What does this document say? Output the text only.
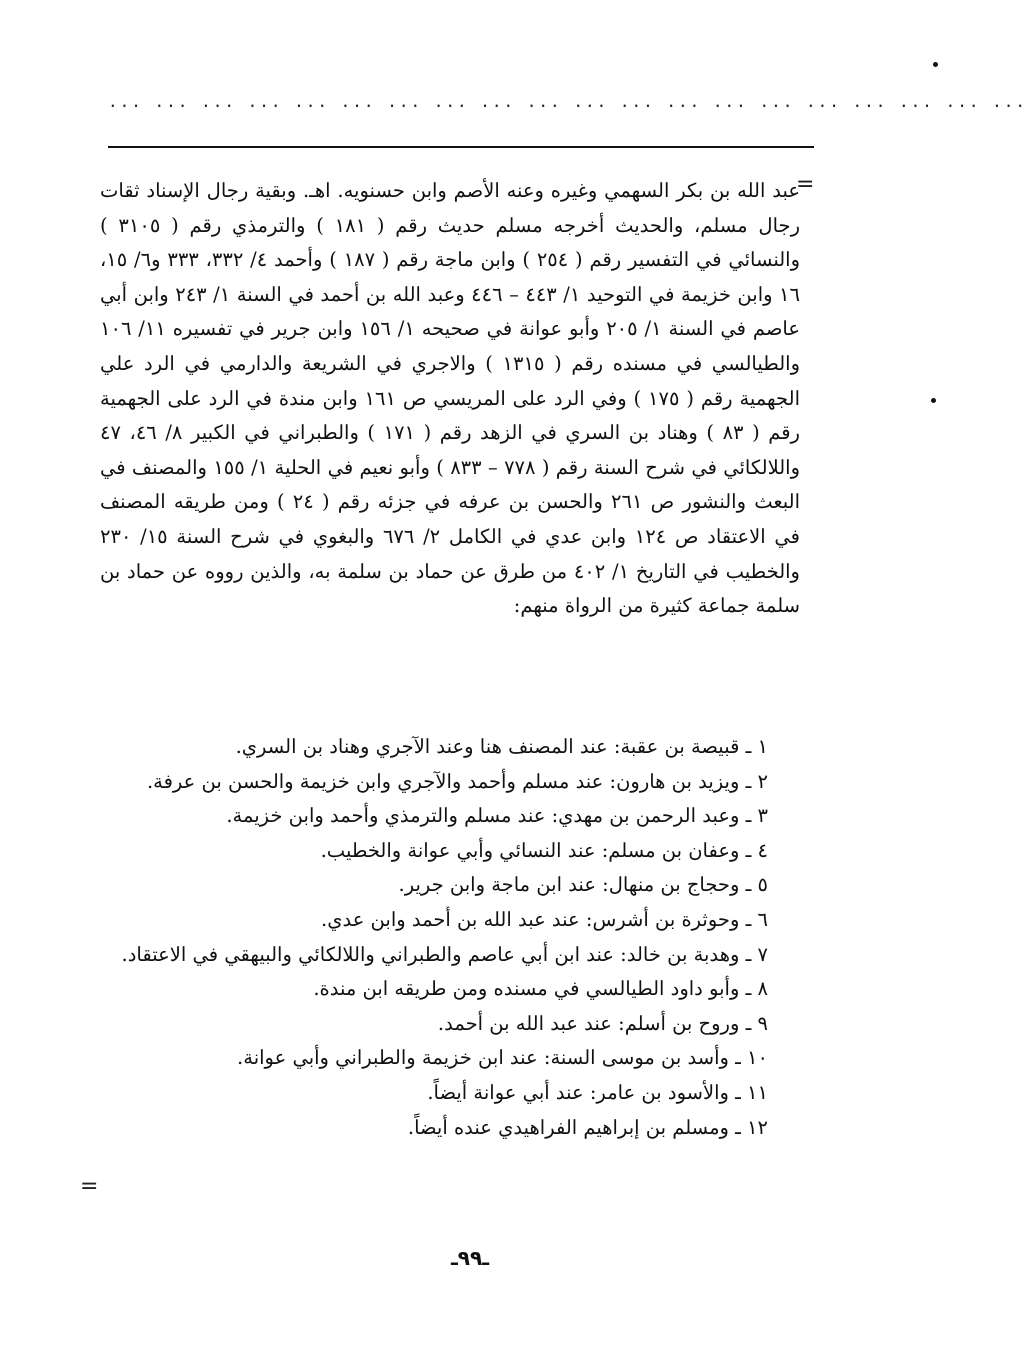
... ... ... ... ... ... ... ... ... ... ... ... ... ... ... ... ... ... ... ...
=

عبد الله بن بكر السهمي وغيره وعنه الأصم وابن حسنويه. اهـ. وبقية رجال الإسناد ثقات رجال مسلم، والحديث أخرجه مسلم حديث رقم ( ١٨١ ) والترمذي رقم ( ٣١٠٥ ) والنسائي في التفسير رقم ( ٢٥٤ ) وابن ماجة رقم ( ١٨٧ ) وأحمد ٤/ ٣٣٢، ٣٣٣ و٦/ ١٥، ١٦ وابن خزيمة في التوحيد ١/ ٤٤٣ – ٤٤٦ وعبد الله بن أحمد في السنة ١/ ٢٤٣ وابن أبي عاصم في السنة ١/ ٢٠٥ وأبو عوانة في صحيحه ١/ ١٥٦ وابن جرير في تفسيره ١١/ ١٠٦ والطيالسي في مسنده رقم ( ١٣١٥ ) والاجري في الشريعة والدارمي في الرد علي الجهمية رقم ( ١٧٥ ) وفي الرد على المريسي ص ١٦١ وابن مندة في الرد على الجهمية رقم ( ٨٣ ) وهناد بن السري في الزهد رقم ( ١٧١ ) والطبراني في الكبير ٨/ ٤٦، ٤٧ واللالكائي في شرح السنة رقم ( ٧٧٨ – ٨٣٣ ) وأبو نعيم في الحلية ١/ ١٥٥ والمصنف في البعث والنشور ص ٢٦١ والحسن بن عرفه في جزئه رقم ( ٢٤ ) ومن طريقه المصنف في الاعتقاد ص ١٢٤ وابن عدي في الكامل ٢/ ٦٧٦ والبغوي في شرح السنة ١٥/ ٢٣٠ والخطيب في التاريخ ١/ ٤٠٢ من طرق عن حماد بن سلمة به، والذين رووه عن حماد بن سلمة جماعة كثيرة من الرواة منهم:

١ ـ قبيصة بن عقبة: عند المصنف هنا وعند الآجري وهناد بن السري.
٢ ـ ويزيد بن هارون: عند مسلم وأحمد والآجري وابن خزيمة والحسن بن عرفة.
٣ ـ وعبد الرحمن بن مهدي: عند مسلم والترمذي وأحمد وابن خزيمة.
٤ ـ وعفان بن مسلم: عند النسائي وأبي عوانة والخطيب.
٥ ـ وحجاج بن منهال: عند ابن ماجة وابن جرير.
٦ ـ وحوثرة بن أشرس: عند عبد الله بن أحمد وابن عدي.
٧ ـ وهدبة بن خالد: عند ابن أبي عاصم والطبراني واللالكائي والبيهقي في الاعتقاد.
٨ ـ وأبو داود الطيالسي في مسنده ومن طريقه ابن مندة.
٩ ـ وروح بن أسلم: عند عبد الله بن أحمد.
١٠ ـ وأسد بن موسى السنة: عند ابن خزيمة والطبراني وأبي عوانة.
١١ ـ والأسود بن عامر: عند أبي عوانة أيضاً.
١٢ ـ ومسلم بن إبراهيم الفراهيدي عنده أيضاً.
=
ـ٩٩ـ
